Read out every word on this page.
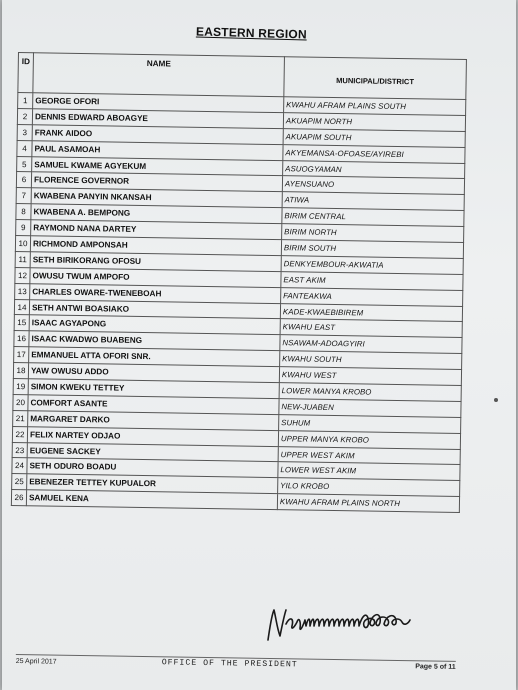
EASTERN REGION
ID	NAME	MUNICIPAL/DISTRICT
1	GEORGE OFORI	KWAHU AFRAM PLAINS SOUTH
2	DENNIS EDWARD ABOAGYE	AKUAPIM NORTH
3	FRANK AIDOO	AKUAPIM SOUTH
4	PAUL ASAMOAH	AKYEMANSA-OFOASE/AYIREBI
5	SAMUEL KWAME AGYEKUM	ASUOGYAMAN
6	FLORENCE GOVERNOR	AYENSUANO
7	KWABENA PANYIN NKANSAH	ATIWA
8	KWABENA A. BEMPONG	BIRIM CENTRAL
9	RAYMOND NANA DARTEY	BIRIM NORTH
10	RICHMOND AMPONSAH	BIRIM SOUTH
11	SETH BIRIKORANG OFOSU	DENKYEMBOUR-AKWATIA
12	OWUSU TWUM AMPOFO	EAST AKIM
13	CHARLES OWARE-TWENEBOAH	FANTEAKWA
14	SETH ANTWI BOASIAKO	KADE-KWAEBIBIREM
15	ISAAC AGYAPONG	KWAHU EAST
16	ISAAC KWADWO BUABENG	NSAWAM-ADOAGYIRI
17	EMMANUEL ATTA OFORI SNR.	KWAHU SOUTH
18	YAW OWUSU ADDO	KWAHU WEST
19	SIMON KWEKU TETTEY	LOWER MANYA KROBO
20	COMFORT ASANTE	NEW-JUABEN
21	MARGARET DARKO	SUHUM
22	FELIX NARTEY ODJAO	UPPER MANYA KROBO
23	EUGENE SACKEY	UPPER WEST AKIM
24	SETH ODURO BOADU	LOWER WEST AKIM
25	EBENEZER TETTEY KUPUALOR	YILO KROBO
26	SAMUEL KENA	KWAHU AFRAM PLAINS NORTH
25 April 2017	OFFICE OF THE PRESIDENT	Page 5 of 11
